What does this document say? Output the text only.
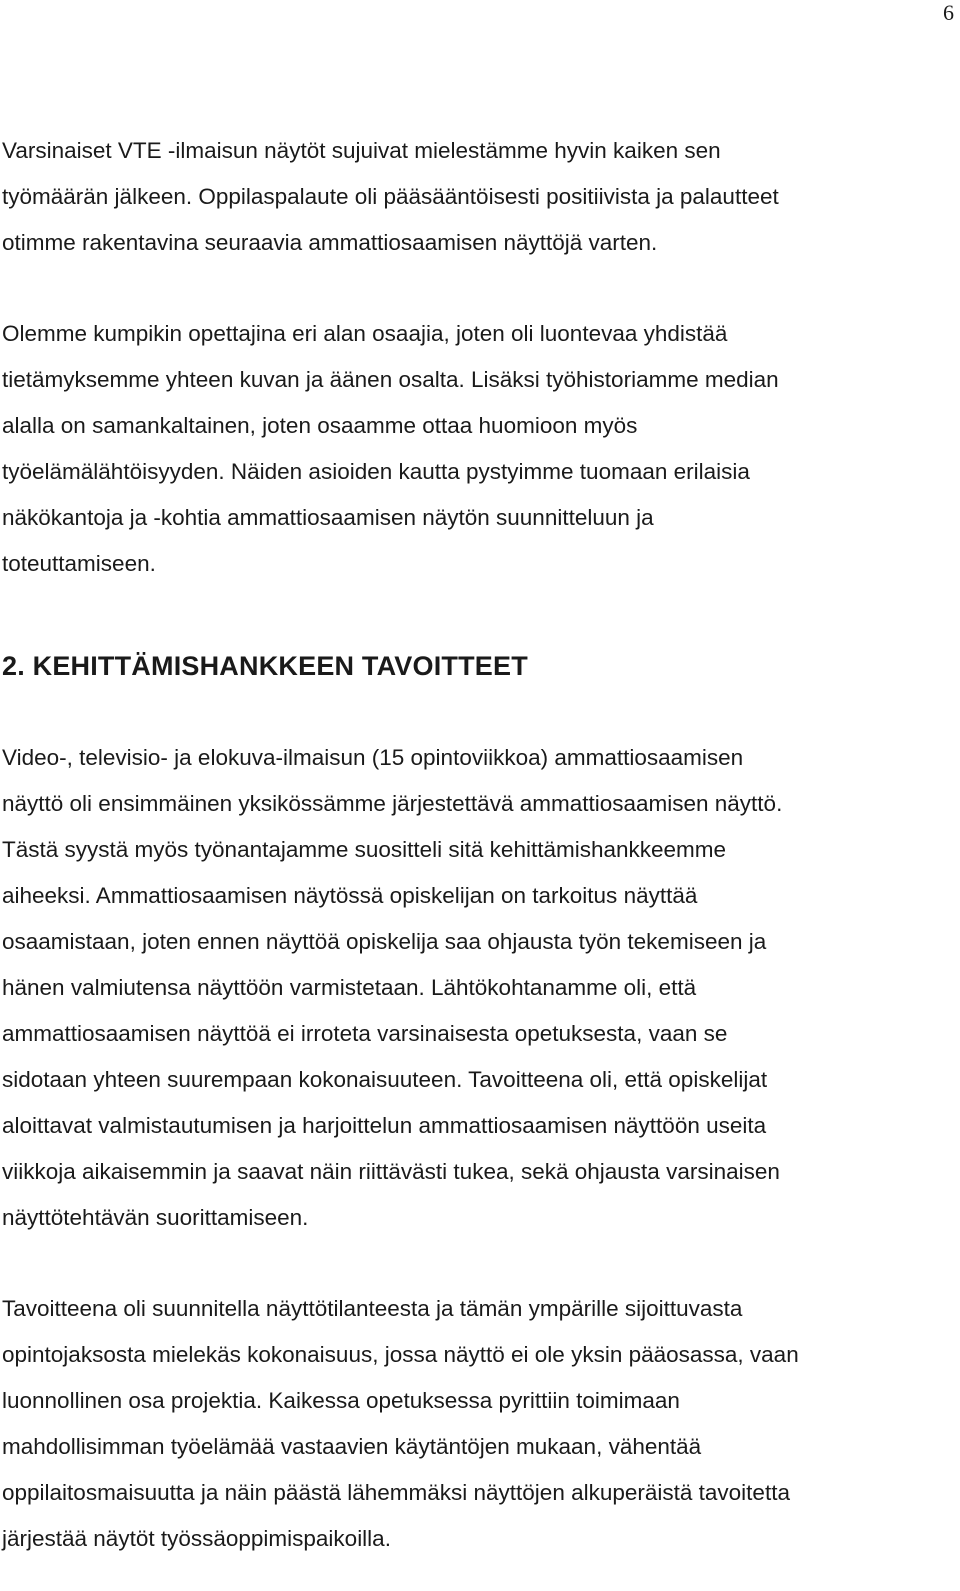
6

Varsinaiset VTE -ilmaisun näytöt sujuivat mielestämme hyvin kaiken sen
työmäärän jälkeen. Oppilaspalaute oli pääsääntöisesti positiivista ja palautteet
otimme rakentavina seuraavia ammattiosaamisen näyttöjä varten.

Olemme kumpikin opettajina eri alan osaajia, joten oli luontevaa yhdistää
tietämyksemme yhteen kuvan ja äänen osalta. Lisäksi työhistoriamme median
alalla on samankaltainen, joten osaamme ottaa huomioon myös
työelämälähtöisyyden. Näiden asioiden kautta pystyimme tuomaan erilaisia
näkökantoja ja -kohtia ammattiosaamisen näytön suunnitteluun ja
toteuttamiseen.

2. KEHITTÄMISHANKKEEN TAVOITTEET

Video-, televisio- ja elokuva-ilmaisun (15 opintoviikkoa) ammattiosaamisen
näyttö oli ensimmäinen yksikössämme järjestettävä ammattiosaamisen näyttö.
Tästä syystä myös työnantajamme suositteli sitä kehittämishankkeemme
aiheeksi. Ammattiosaamisen näytössä opiskelijan on tarkoitus näyttää
osaamistaan, joten ennen näyttöä opiskelija saa ohjausta työn tekemiseen ja
hänen valmiutensa näyttöön varmistetaan. Lähtökohtanamme oli, että
ammattiosaamisen näyttöä ei irroteta varsinaisesta opetuksesta, vaan se
sidotaan yhteen suurempaan kokonaisuuteen. Tavoitteena oli, että opiskelijat
aloittavat valmistautumisen ja harjoittelun ammattiosaamisen näyttöön useita
viikkoja aikaisemmin ja saavat näin riittävästi tukea, sekä ohjausta varsinaisen
näyttötehtävän suorittamiseen.

Tavoitteena oli suunnitella näyttötilanteesta ja tämän ympärille sijoittuvasta
opintojaksosta mielekäs kokonaisuus, jossa näyttö ei ole yksin pääosassa, vaan
luonnollinen osa projektia. Kaikessa opetuksessa pyrittiin toimimaan
mahdollisimman työelämää vastaavien käytäntöjen mukaan, vähentää
oppilaitosmaisuutta ja näin päästä lähemmäksi näyttöjen alkuperäistä tavoitetta
järjestää näytöt työssäoppimispaikoilla.
